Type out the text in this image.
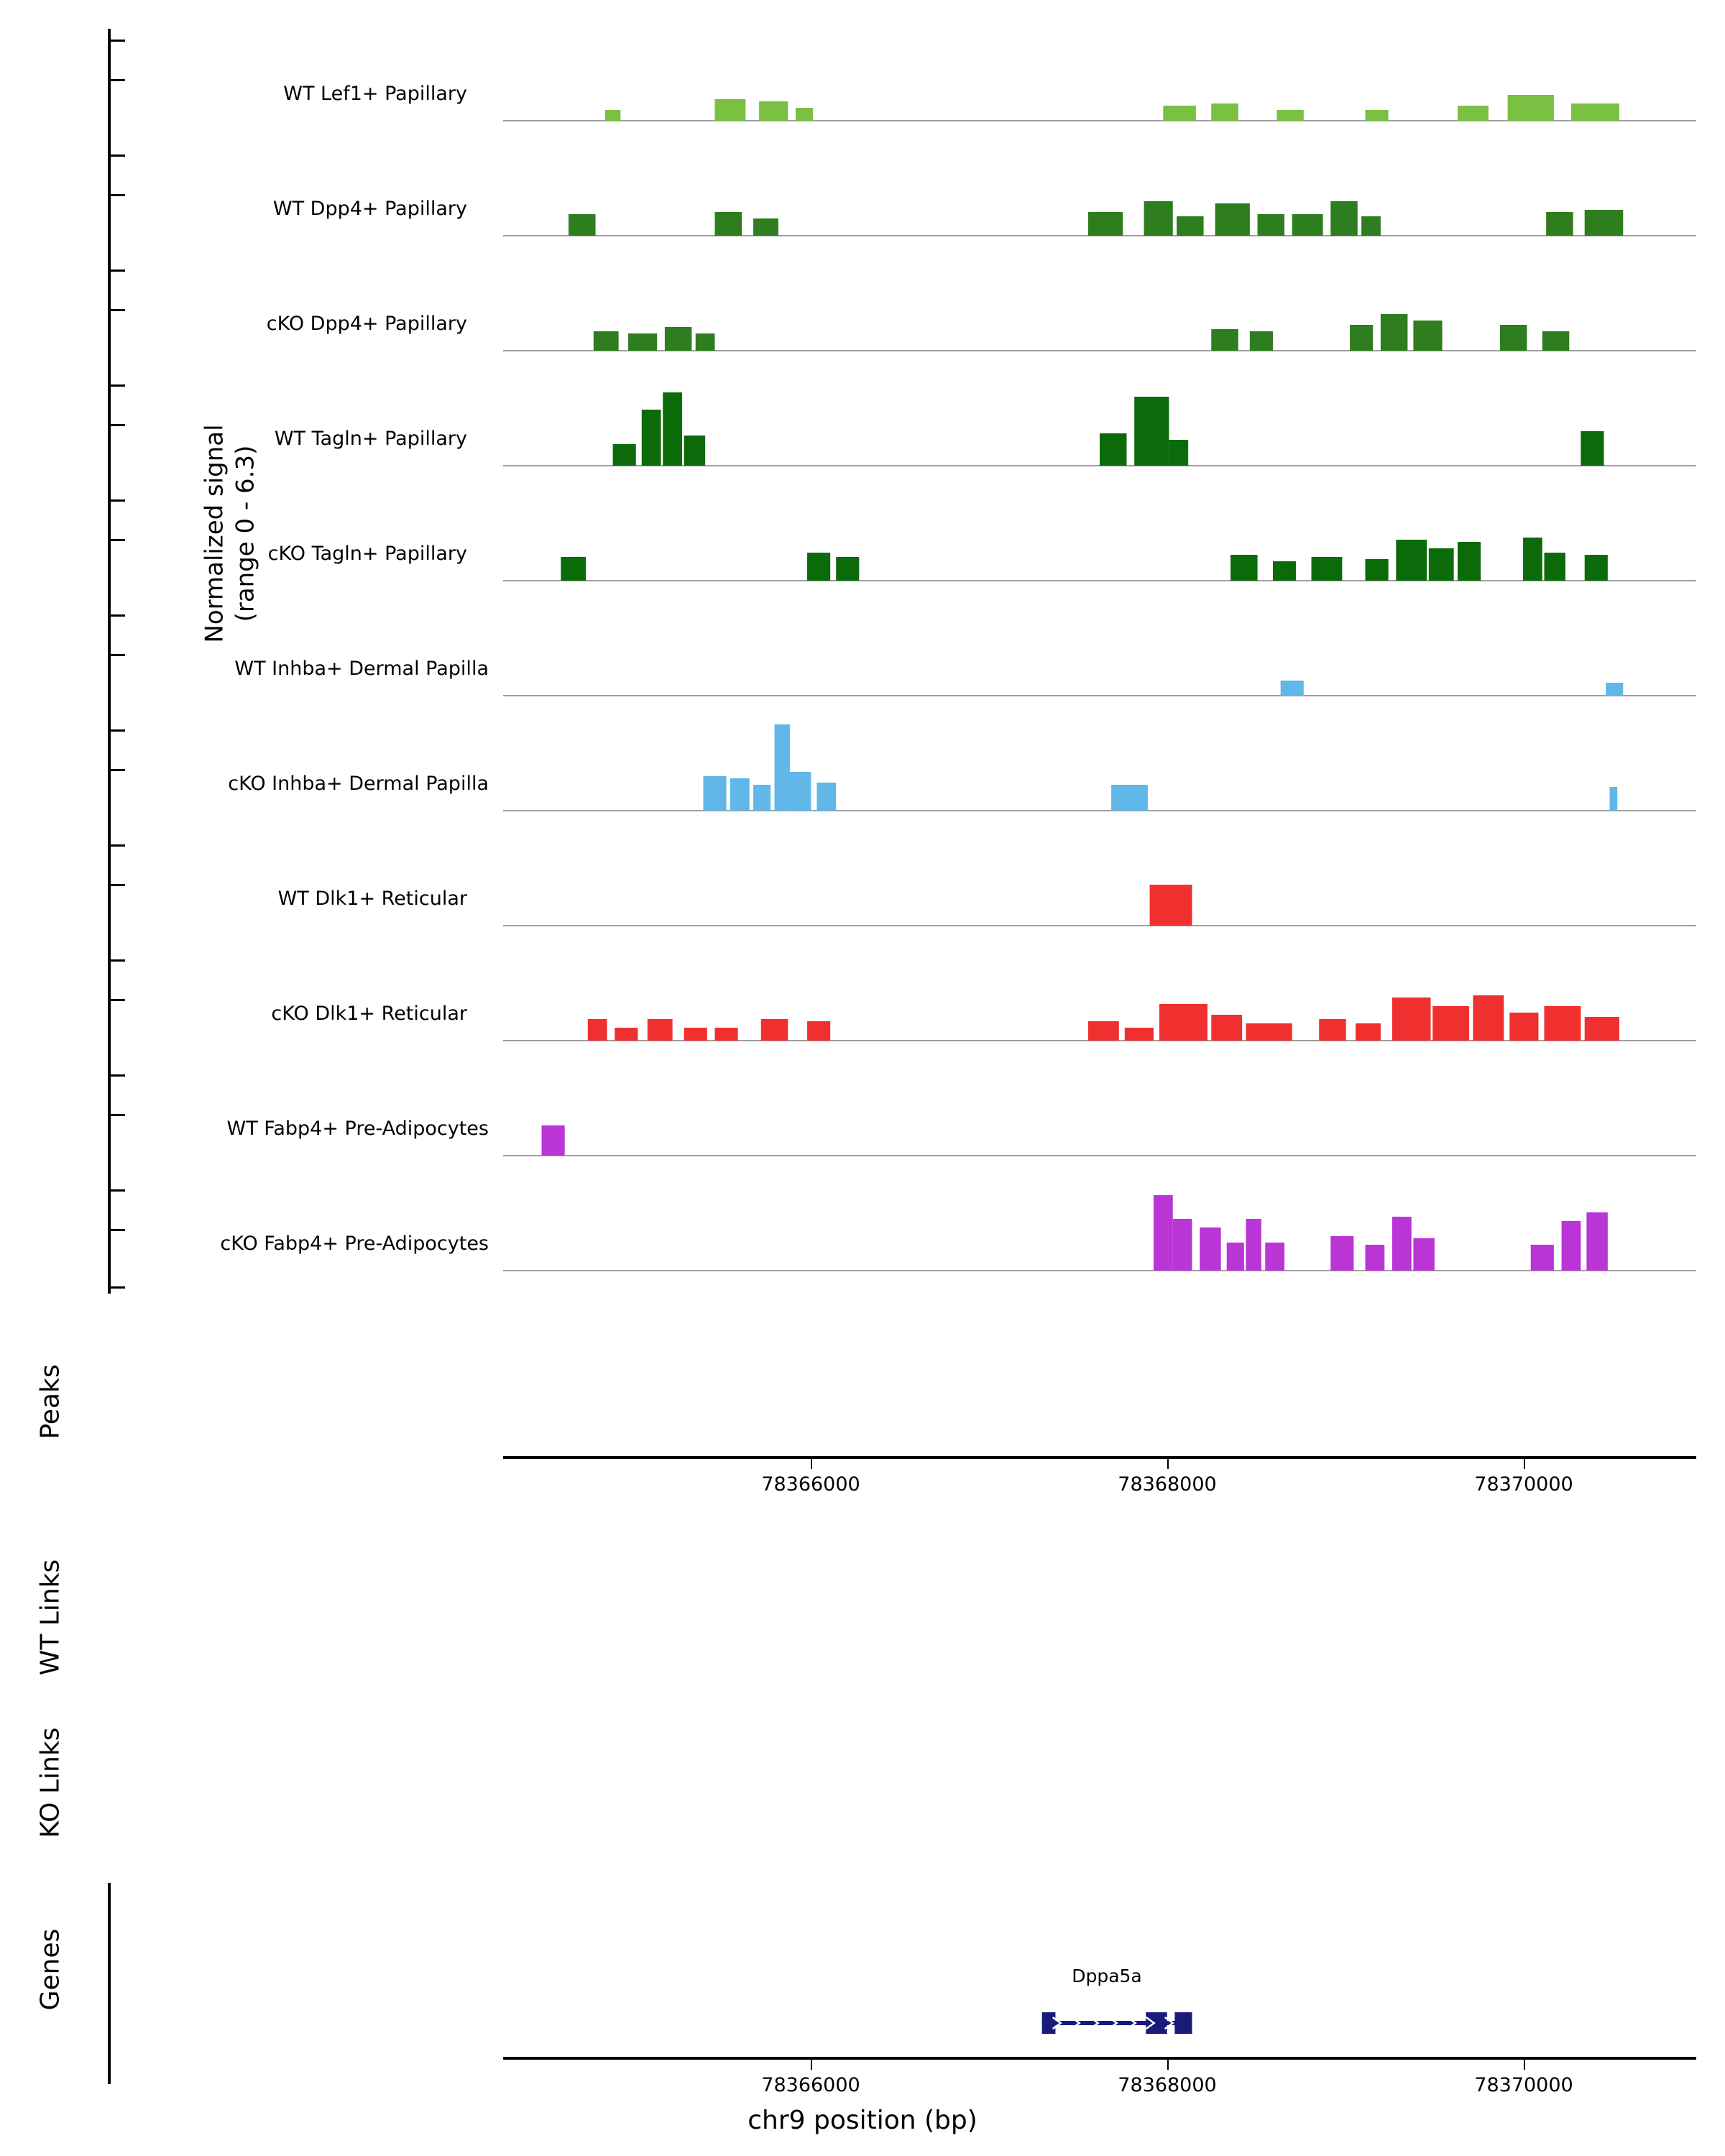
Normalized signal (range 0 - 6.3)
WT Lef1+ Papillary
WT Dpp4+ Papillary
cKO Dpp4+ Papillary
WT Tagln+ Papillary
cKO Tagln+ Papillary
WT Inhba+ Dermal Papilla
cKO Inhba+ Dermal Papilla
WT Dlk1+ Reticular
cKO Dlk1+ Reticular
WT Fabp4+ Pre-Adipocytes
cKO Fabp4+ Pre-Adipocytes
Peaks
WT Links
KO Links
Genes
78366000	78368000	78370000
Dppa5a
78366000	78368000	78370000
chr9 position (bp)
